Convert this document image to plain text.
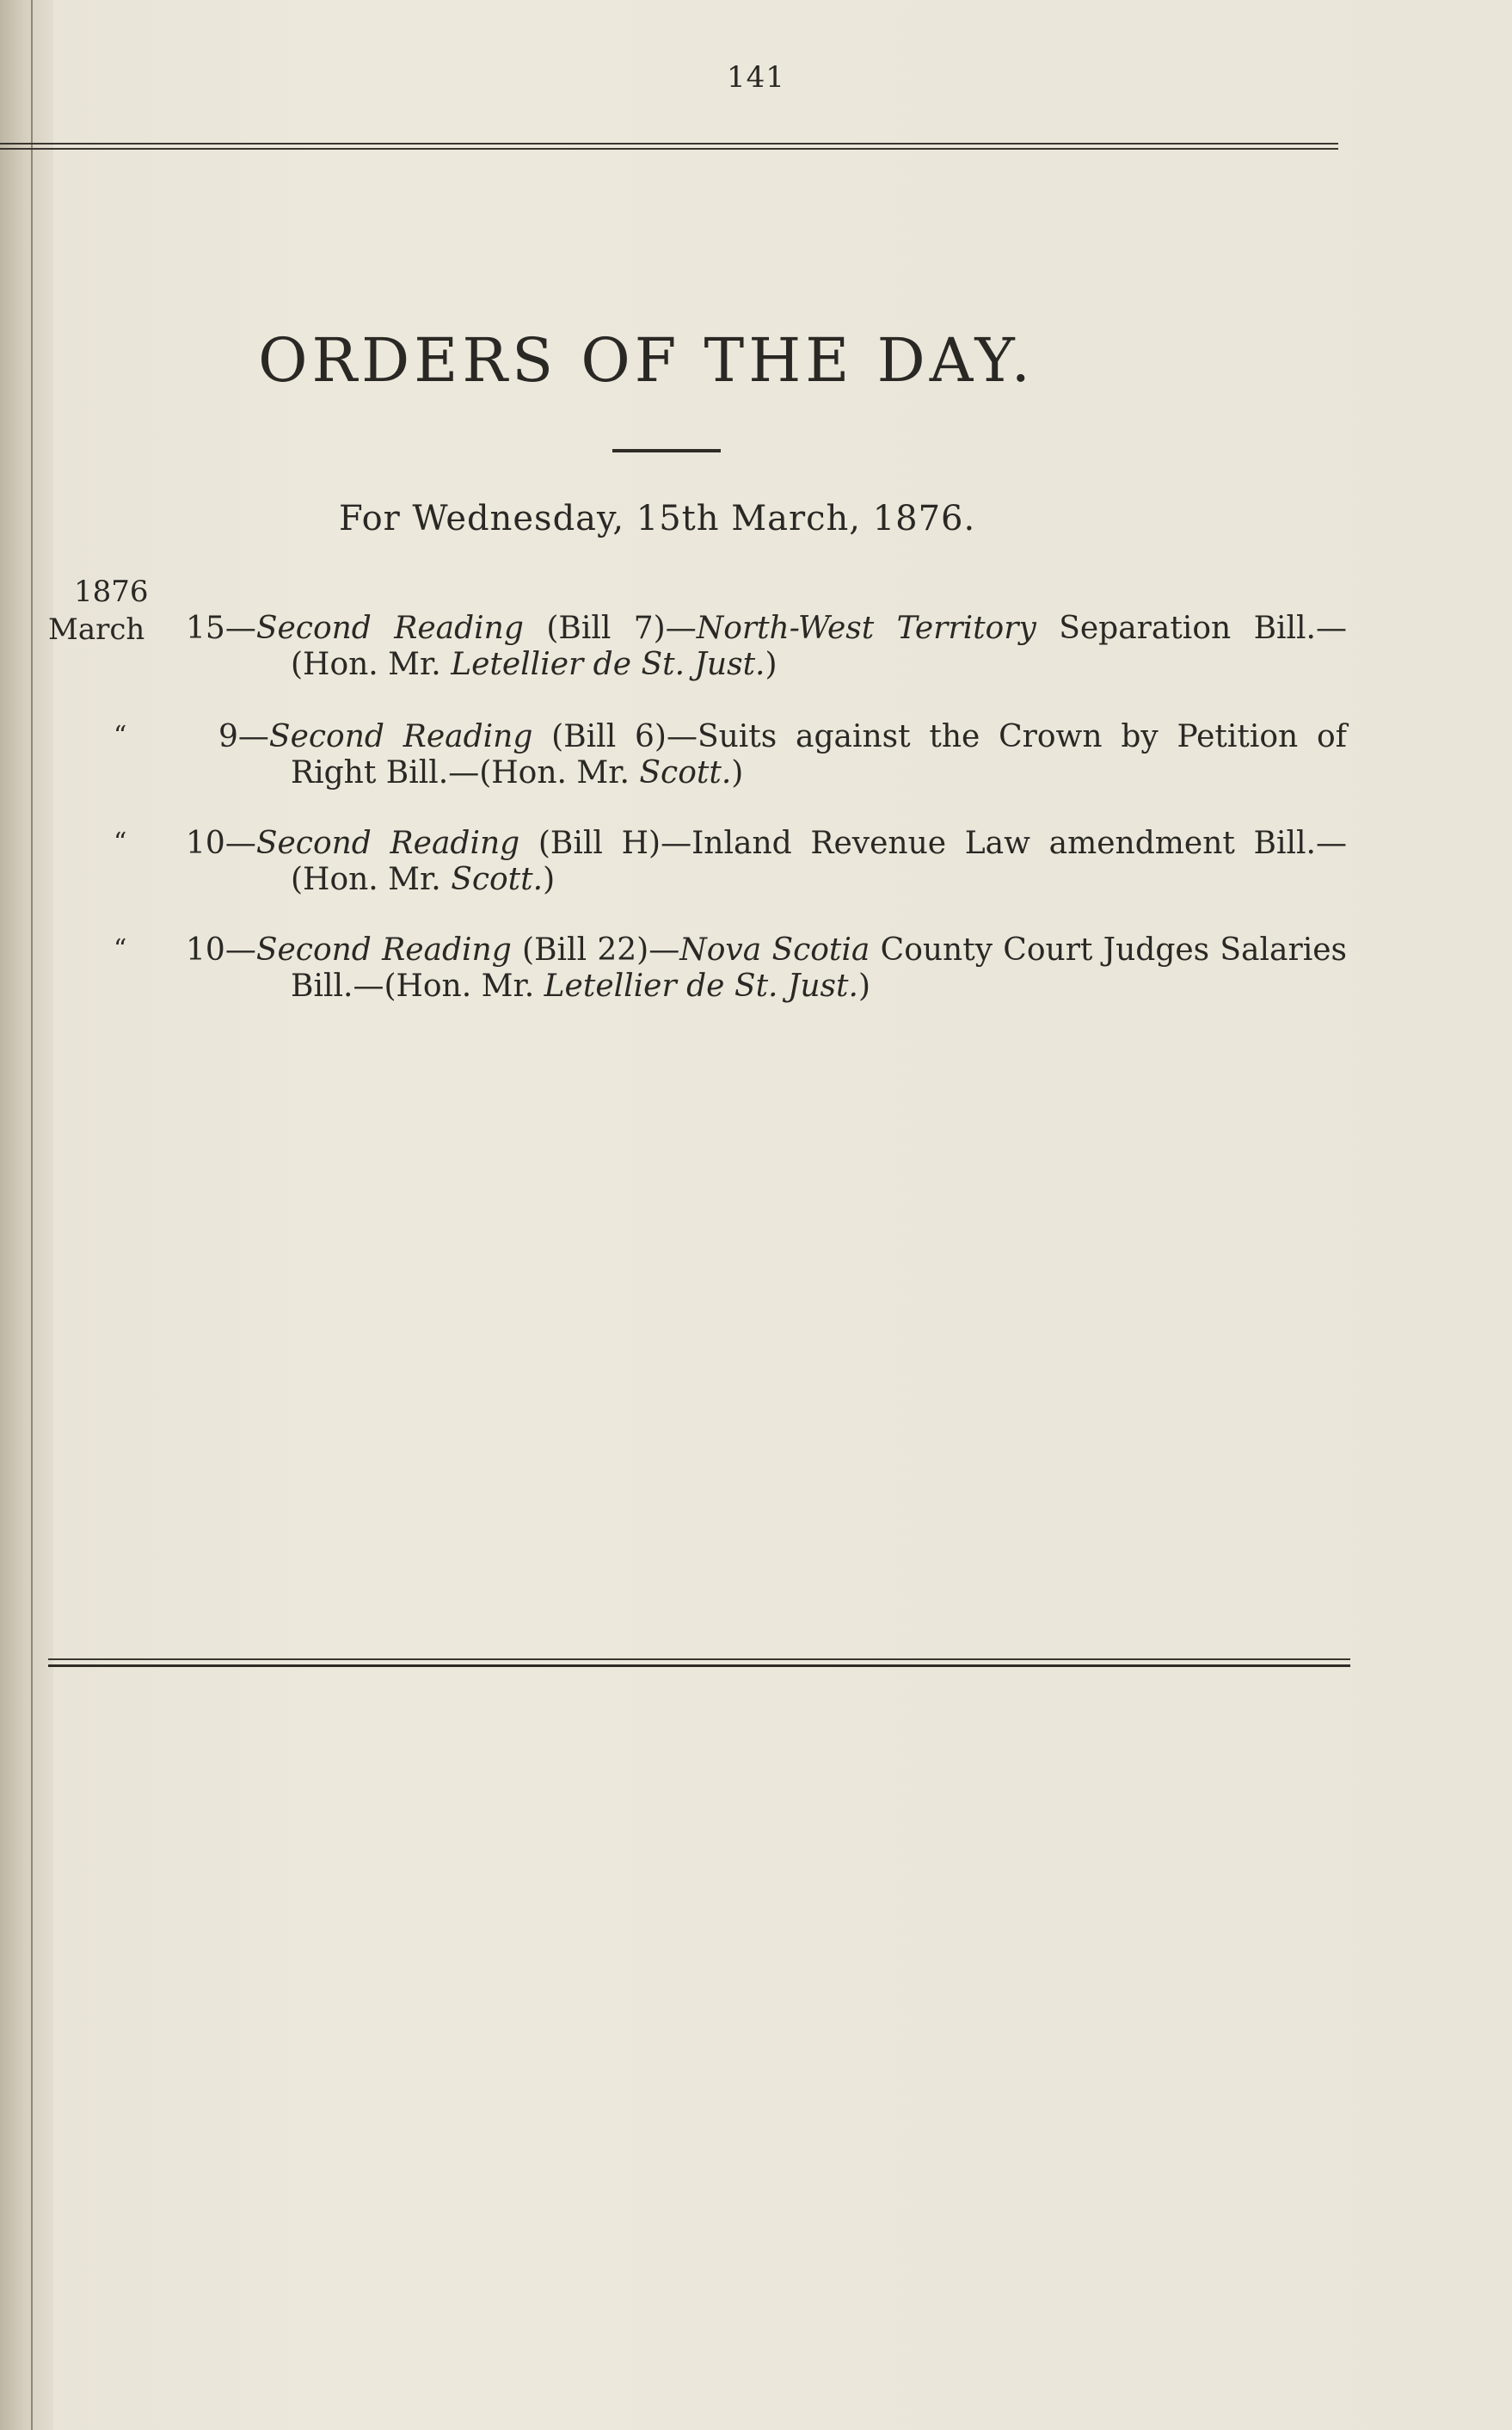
141
ORDERS OF THE DAY.
For Wednesday, 15th March, 1876.
1876
March 15—Second Reading (Bill 7)—North-West Territory Separation Bill.—
(Hon. Mr. Letellier de St. Just.)
“	9—Second Reading (Bill 6)—Suits against the Crown by Petition of
Right Bill.—(Hon. Mr. Scott.)
“ 10—Second Reading (Bill H)—Inland Revenue Law amendment Bill.—
(Hon. Mr. Scott.)
“ 10—Second Reading (Bill 22)—Nova Scotia County Court Judges Salaries
Bill.—(Hon. Mr. Letellier de St. Just.)
